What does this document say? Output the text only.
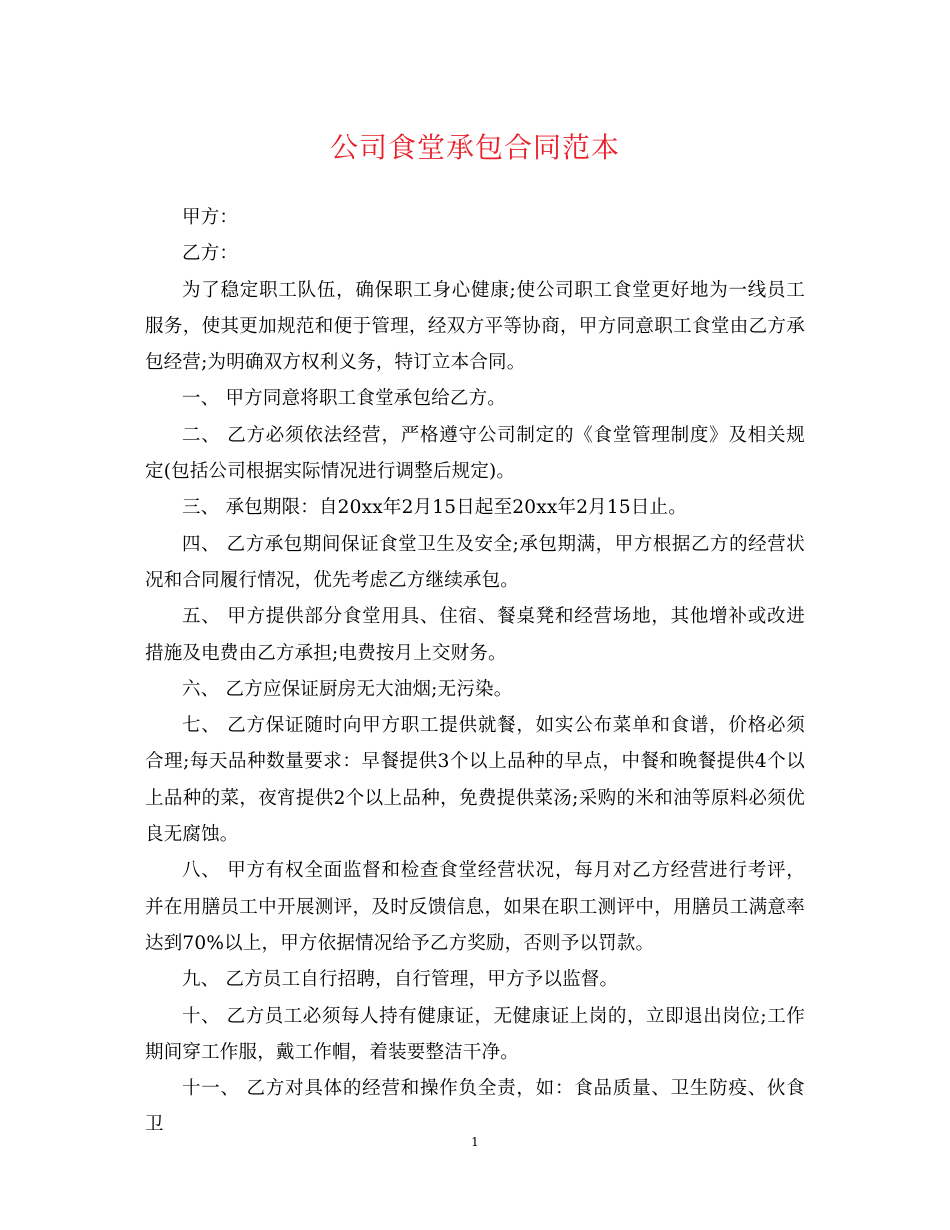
公司食堂承包合同范本

甲方：

乙方：

为了稳定职工队伍，确保职工身心健康;使公司职工食堂更好地为一线员工服务，使其更加规范和便于管理，经双方平等协商，甲方同意职工食堂由乙方承包经营;为明确双方权利义务，特订立本合同。

一、 甲方同意将职工食堂承包给乙方。

二、 乙方必须依法经营，严格遵守公司制定的《食堂管理制度》及相关规定(包括公司根据实际情况进行调整后规定)。

三、 承包期限：自20xx年2月15日起至20xx年2月15日止。

四、 乙方承包期间保证食堂卫生及安全;承包期满，甲方根据乙方的经营状况和合同履行情况，优先考虑乙方继续承包。

五、 甲方提供部分食堂用具、住宿、餐桌凳和经营场地，其他增补或改进措施及电费由乙方承担;电费按月上交财务。

六、 乙方应保证厨房无大油烟;无污染。

七、 乙方保证随时向甲方职工提供就餐，如实公布菜单和食谱，价格必须合理;每天品种数量要求：早餐提供3个以上品种的早点，中餐和晚餐提供4个以上品种的菜，夜宵提供2个以上品种，免费提供菜汤;采购的米和油等原料必须优良无腐蚀。

八、 甲方有权全面监督和检查食堂经营状况，每月对乙方经营进行考评，并在用膳员工中开展测评，及时反馈信息，如果在职工测评中，用膳员工满意率达到70%以上，甲方依据情况给予乙方奖励，否则予以罚款。

九、 乙方员工自行招聘，自行管理，甲方予以监督。

十、 乙方员工必须每人持有健康证，无健康证上岗的，立即退出岗位;工作期间穿工作服，戴工作帽，着装要整洁干净。

十一、 乙方对具体的经营和操作负全责，如：食品质量、卫生防疫、伙食卫

1
